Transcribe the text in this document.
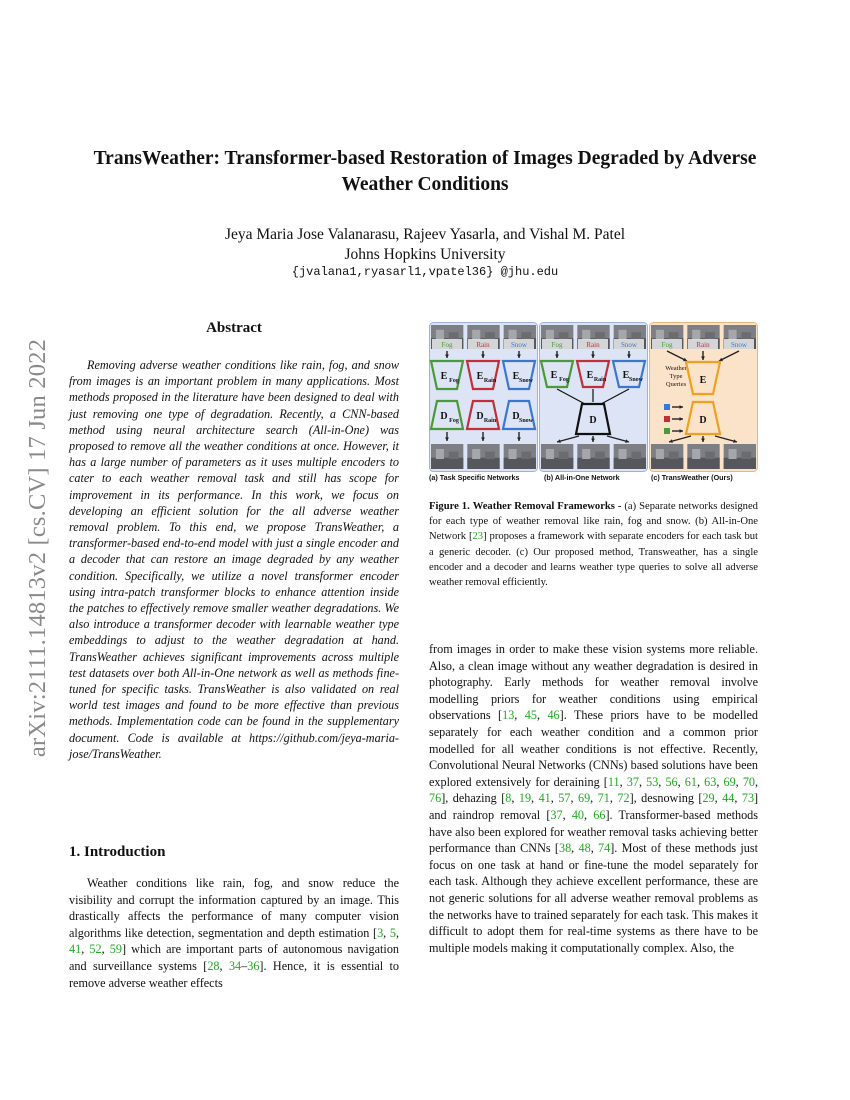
arXiv:2111.14813v2 [cs.CV] 17 Jun 2022
TransWeather: Transformer-based Restoration of Images Degraded by Adverse
Weather Conditions
Jeya Maria Jose Valanarasu, Rajeev Yasarla, and Vishal M. Patel
Johns Hopkins University
{jvalana1,ryasarl1,vpatel36} @jhu.edu
Abstract
Removing adverse weather conditions like rain, fog, and snow from images is an important problem in many applications. Most methods proposed in the literature have been designed to deal with just removing one type of degradation. Recently, a CNN-based method using neural architecture search (All-in-One) was proposed to remove all the weather conditions at once. However, it has a large number of parameters as it uses multiple encoders to cater to each weather removal task and still has scope for improvement in its performance. In this work, we focus on developing an efficient solution for the all adverse weather removal problem. To this end, we propose TransWeather, a transformer-based end-to-end model with just a single encoder and a decoder that can restore an image degraded by any weather condition. Specifically, we utilize a novel transformer encoder using intra-patch transformer blocks to enhance attention inside the patches to effectively remove smaller weather degradations. We also introduce a transformer decoder with learnable weather type embeddings to adjust to the weather degradation at hand. TransWeather achieves significant improvements across multiple test datasets over both All-in-One network as well as methods fine-tuned for specific tasks. TransWeather is also validated on real world test images and found to be more effective than previous methods. Implementation code can be found in the supplementary document. Code is available at https://github.com/jeya-maria-jose/TransWeather.
1. Introduction
Weather conditions like rain, fog, and snow reduce the visibility and corrupt the information captured by an image. This drastically affects the performance of many computer vision algorithms like detection, segmentation and depth estimation [3, 5, 41, 52, 59] which are important parts of autonomous navigation and surveillance systems [28, 34–36]. Hence, it is essential to remove adverse weather effects
from images in order to make these vision systems more reliable. Also, a clean image without any weather degradation is desired in photography. Early methods for weather removal involve modelling priors for weather conditions using empirical observations [13, 45, 46]. These priors have to be modelled separately for each weather condition and a common prior modelled for all weather conditions is not effective. Recently, Convolutional Neural Networks (CNNs) based solutions have been explored extensively for deraining [11, 37, 53, 56, 61, 63, 69, 70, 76], dehazing [8, 19, 41, 57, 69, 71, 72], desnowing [29, 44, 73] and raindrop removal [37, 40, 66]. Transformer-based methods have also been explored for weather removal tasks achieving better performance than CNNs [38, 48, 74]. Most of these methods just focus on one task at hand or fine-tune the model separately for each task. Although they achieve excellent performance, these are not generic solutions for all adverse weather removal problems as the networks have to trained separately for each task. This makes it difficult to adopt them for real-time systems as there have to be multiple models making it computationally complex. Also, the
Fog
E Fog
D Fog
Rain
E Rain
D Rain
Snow
E Snow
D Snow
Fog
E Fog
Rain
E Rain
Snow
E Snow
D
Fog	Rain	Snow
Weather
Type
Queries E
D
(a) Task Specific Networks	(b) All-in-One Network	(c) TransWeather (Ours)
Figure 1. Weather Removal Frameworks - (a) Separate networks designed for each type of weather removal like rain, fog and snow. (b) All-in-One Network [23] proposes a framework with separate encoders for each task but a generic decoder. (c) Our proposed method, Transweather, has a single encoder and a decoder and learns weather type queries to solve all adverse weather removal efficiently.
